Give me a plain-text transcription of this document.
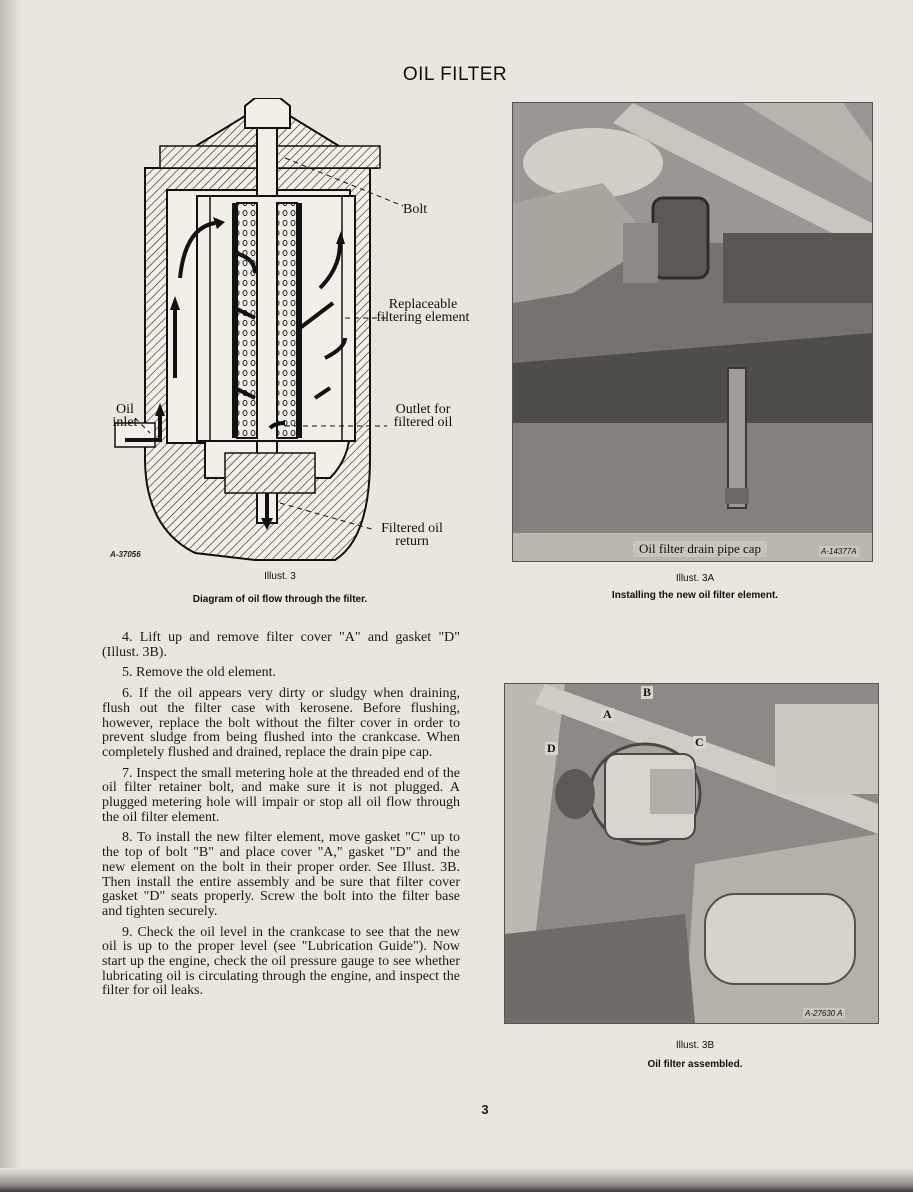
OIL FILTER
Bolt
Replaceable filtering element
Outlet for filtered oil
Oil inlet
Filtered oil return
A-37056
Illust. 3
Diagram of oil flow through the filter.
Oil filter drain pipe cap	A-14377A
Illust. 3A
Installing the new oil filter element.
B
A
C
D
A-27630 A
Illust. 3B
Oil filter assembled.

4. Lift up and remove filter cover "A" and gasket "D" (Illust. 3B).

5. Remove the old element.

6. If the oil appears very dirty or sludgy when draining, flush out the filter case with kerosene. Before flushing, however, replace the bolt without the filter cover in order to prevent sludge from being flushed into the crankcase. When completely flushed and drained, replace the drain pipe cap.

7. Inspect the small metering hole at the threaded end of the oil filter retainer bolt, and make sure it is not plugged. A plugged metering hole will impair or stop all oil flow through the oil filter element.

8. To install the new filter element, move gasket "C" up to the top of bolt "B" and place cover "A," gasket "D" and the new element on the bolt in their proper order. See Illust. 3B. Then install the entire assembly and be sure that filter cover gasket "D" seats properly. Screw the bolt into the filter base and tighten securely.

9. Check the oil level in the crankcase to see that the new oil is up to the proper level (see "Lubrication Guide"). Now start up the engine, check the oil pressure gauge to see whether lubricating oil is circulating through the engine, and inspect the filter for oil leaks.

3
